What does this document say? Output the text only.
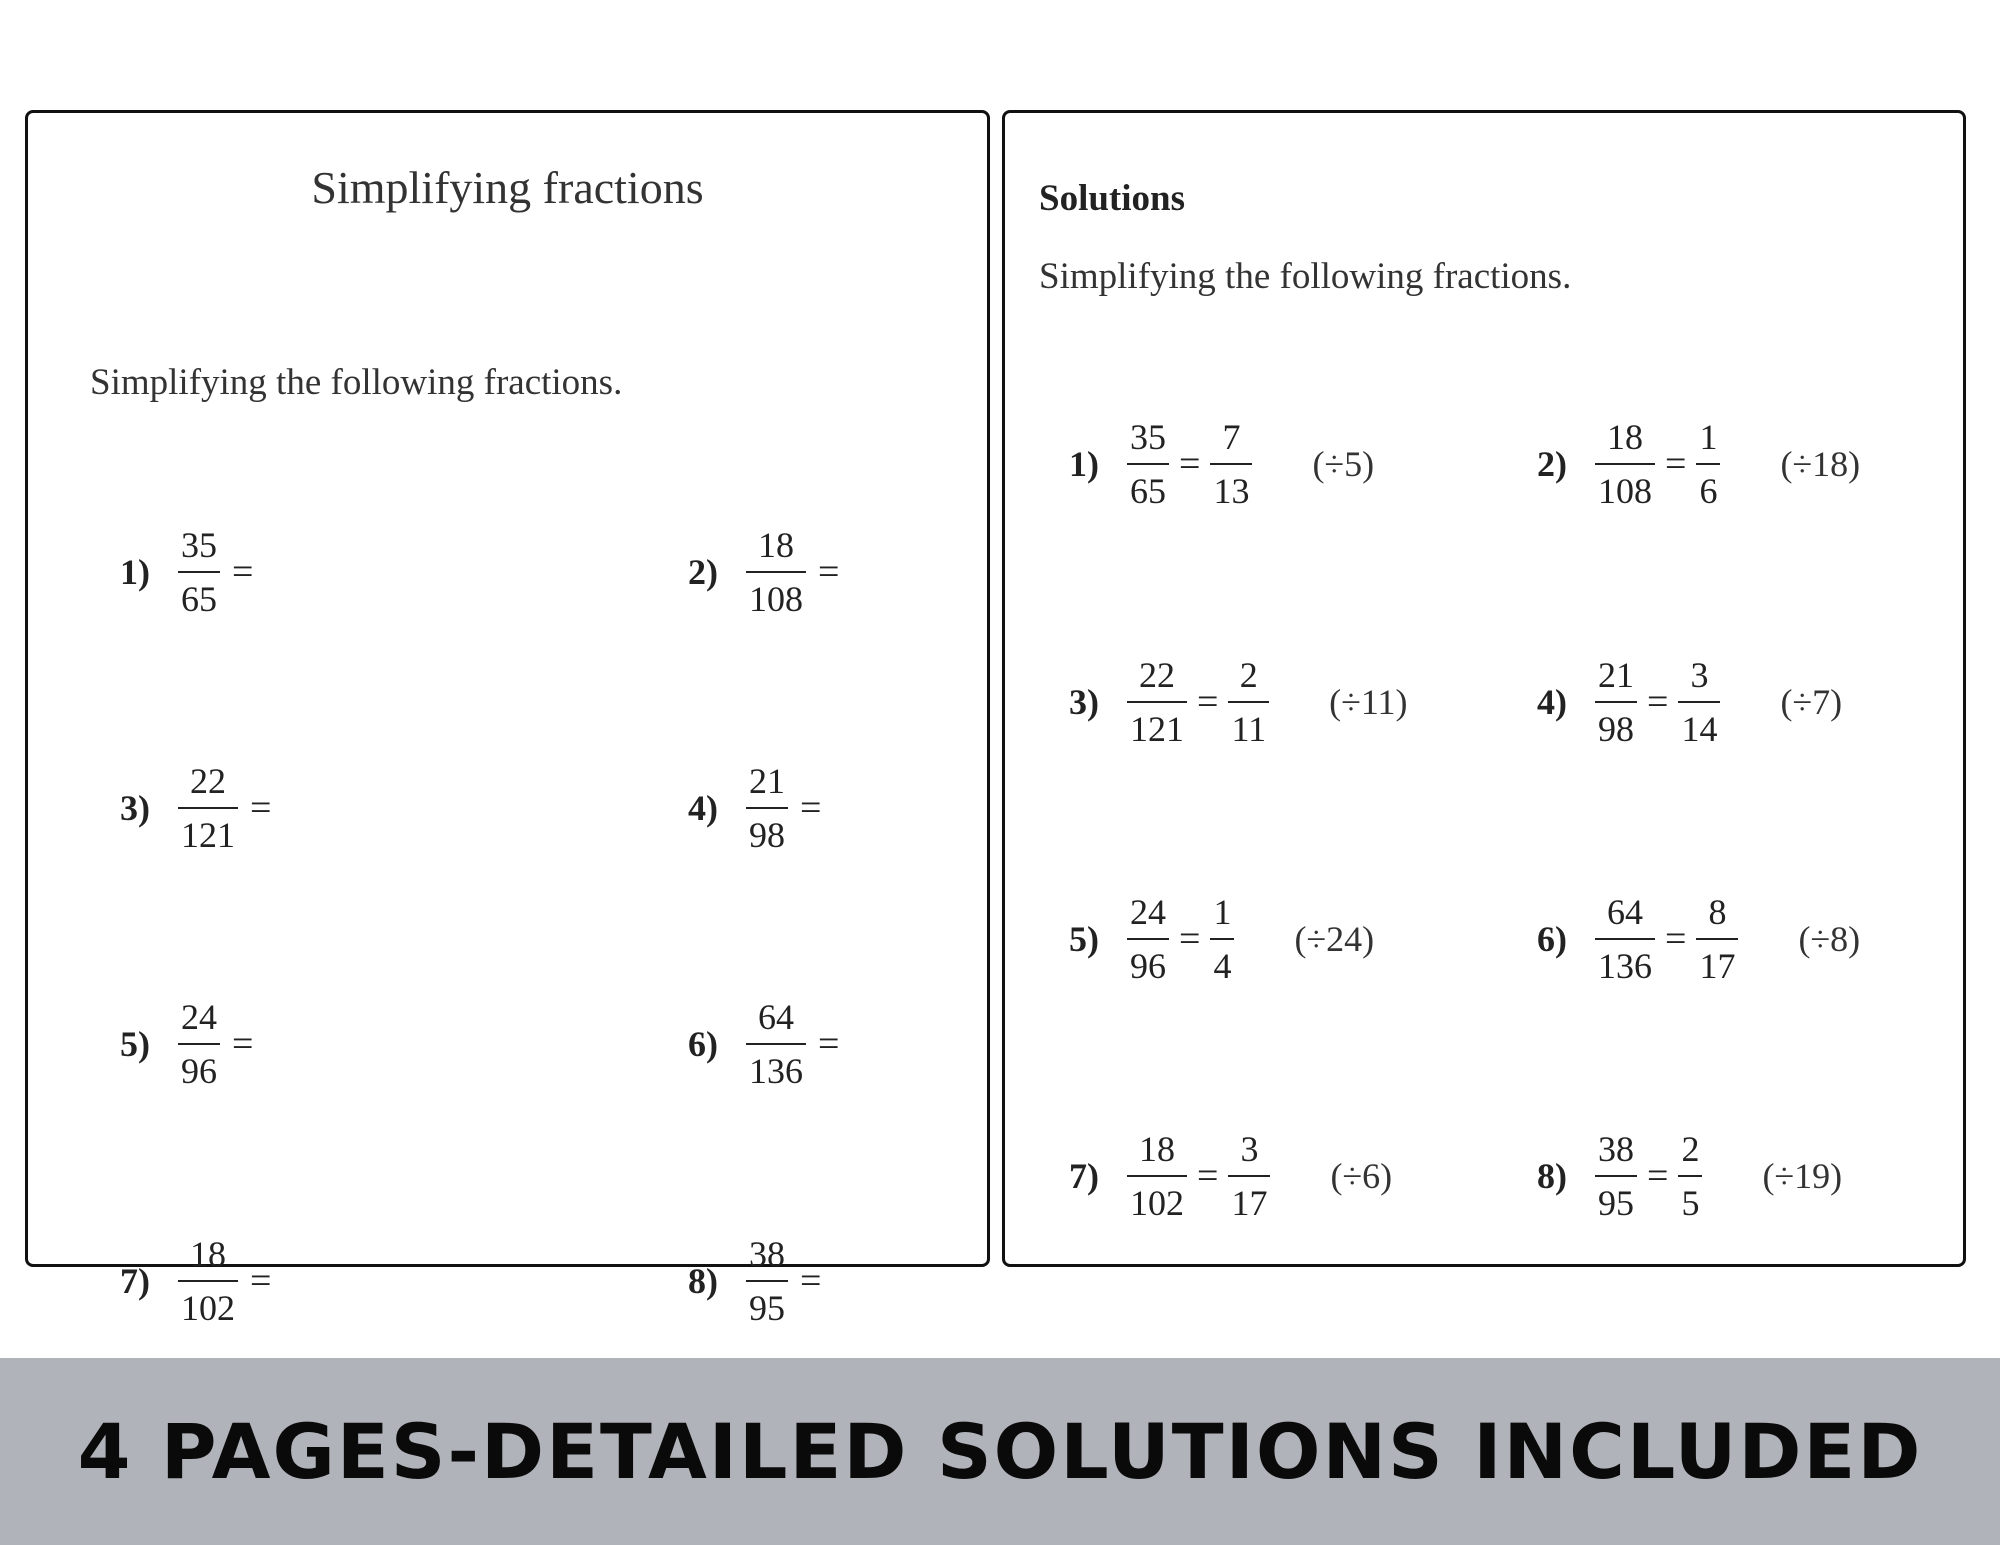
Simplifying fractions
Simplifying the following fractions.
$1) \frac{35}{65}$ =	$2) \frac{18}{108}$ =
$3) \frac{22}{121}$ =	$4) \frac{21}{98}$ =
$5) \frac{24}{96}$ =	$6) \frac{64}{136}$ =
$7) \frac{18}{102}$ =	$8) \frac{38}{95}$ =
Solutions
Simplifying the following fractions.
$1) \frac{35}{65} = \frac{7}{13} (\div 5)$	$2) \frac{18}{108} = \frac{1}{6} (\div 18)$
$3) \frac{22}{121} = \frac{2}{11} (\div 11)$	$4) \frac{21}{98} = \frac{3}{14} (\div 7)$
$5) \frac{24}{96} = \frac{1}{4} (\div 24)$	$6) \frac{64}{136} = \frac{8}{17} (\div 8)$
$7) \frac{18}{102} = \frac{3}{17} (\div 6)$	$8) \frac{38}{95} = \frac{2}{5} (\div 19)$
4 PAGES-DETAILED SOLUTIONS INCLUDED
